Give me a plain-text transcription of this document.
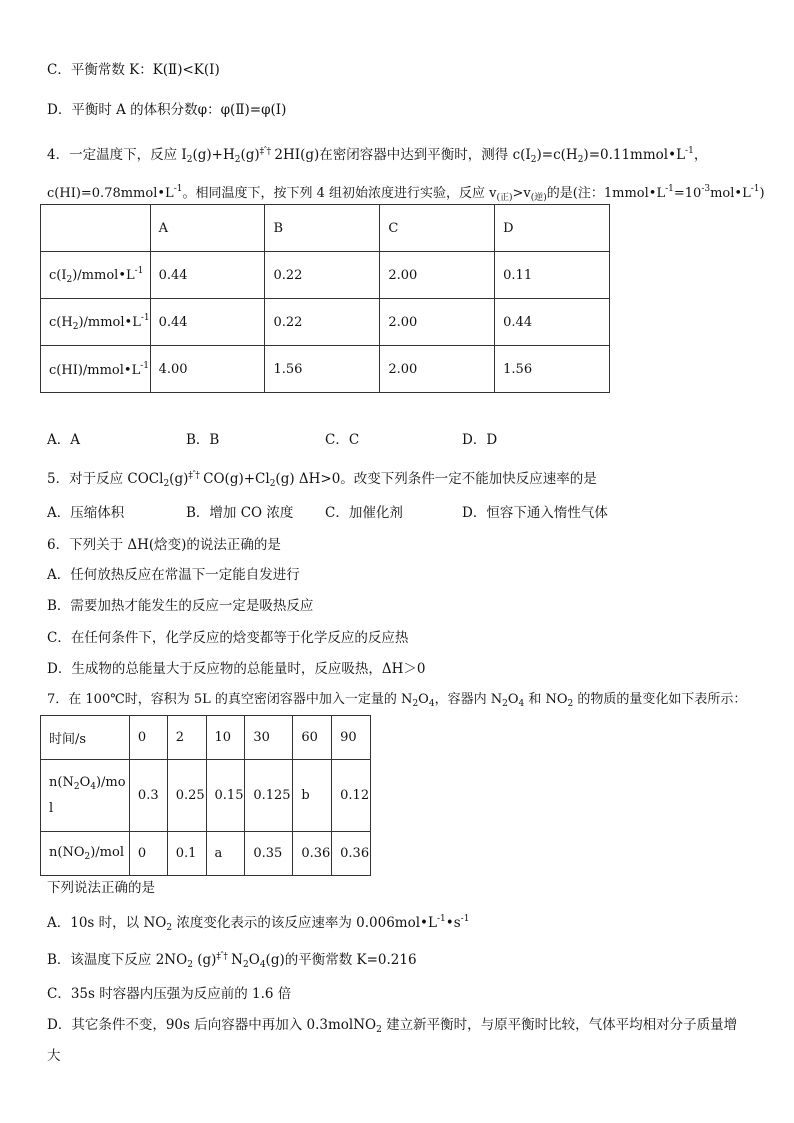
C．平衡常数 K：K(Ⅱ)<K(Ⅰ)
D．平衡时 A 的体积分数φ：φ(Ⅱ)=φ(Ⅰ)
4．一定温度下，反应 $I_2(g)+H_2(g)^{\ddagger ˆ\dagger}$ 2HI(g)在密闭容器中达到平衡时，测得 $c(I_2)=c(H_2)=0.11mmol•L^{-1}$，
$c(HI)=0.78mmol•L^{-1}$。相同温度下，按下列 4 组初始浓度进行实验，反应 $v_{(正)}>v_{(逆)}$的是(注：$1mmol•L^{-1}=10^{-3}mol•L^{-1}$)
	A	B	C	D
$c(I_2)/mmol•L^{-1}$	0.44	0.22	2.00	0.11
$c(H_2)/mmol•L^{-1}$	0.44	0.22	2.00	0.44
$c(HI)/mmol•L^{-1}$	4.00	1.56	2.00	1.56
A．A	B．B	C．C	D．D
5．对于反应 $COCl_2(g)^{\ddagger ˆ\dagger}$ $CO(g)+Cl_2(g)$ ΔH>0。改变下列条件一定不能加快反应速率的是
A．压缩体积	B．增加 CO 浓度 C．加催化剂	D．恒容下通入惰性气体
6．下列关于 ΔH(焓变)的说法正确的是
A．任何放热反应在常温下一定能自发进行
B．需要加热才能发生的反应一定是吸热反应
C．在任何条件下，化学反应的焓变都等于化学反应的反应热
D．生成物的总能量大于反应物的总能量时，反应吸热，ΔH＞0
7．在 100℃时，容积为 5L 的真空密闭容器中加入一定量的 $N_2O_4$，容器内 $N_2O_4$ 和 $NO_2$ 的物质的量变化如下表所示：
时间/s	0	2	10	30	60	90
$n(N_2O_4)/mo$
l	0.3	0.25	0.15	0.125	b	0.12
$n(NO_2)$/mol	0	0.1	a	0.35	0.36	0.36
下列说法正确的是
A．10s 时，以 $NO_2$ 浓度变化表示的该反应速率为 $0.006mol•L^{-1}•s^{-1}$
B．该温度下反应 $2NO_2$ $(g)^{\ddagger ˆ\dagger}$ $N_2O_4(g)$的平衡常数 K=0.216
C．35s 时容器内压强为反应前的 1.6 倍
D．其它条件不变，90s 后向容器中再加入 0.3molNO$_2$ 建立新平衡时，与原平衡时比较，气体平均相对分子质量增
大
